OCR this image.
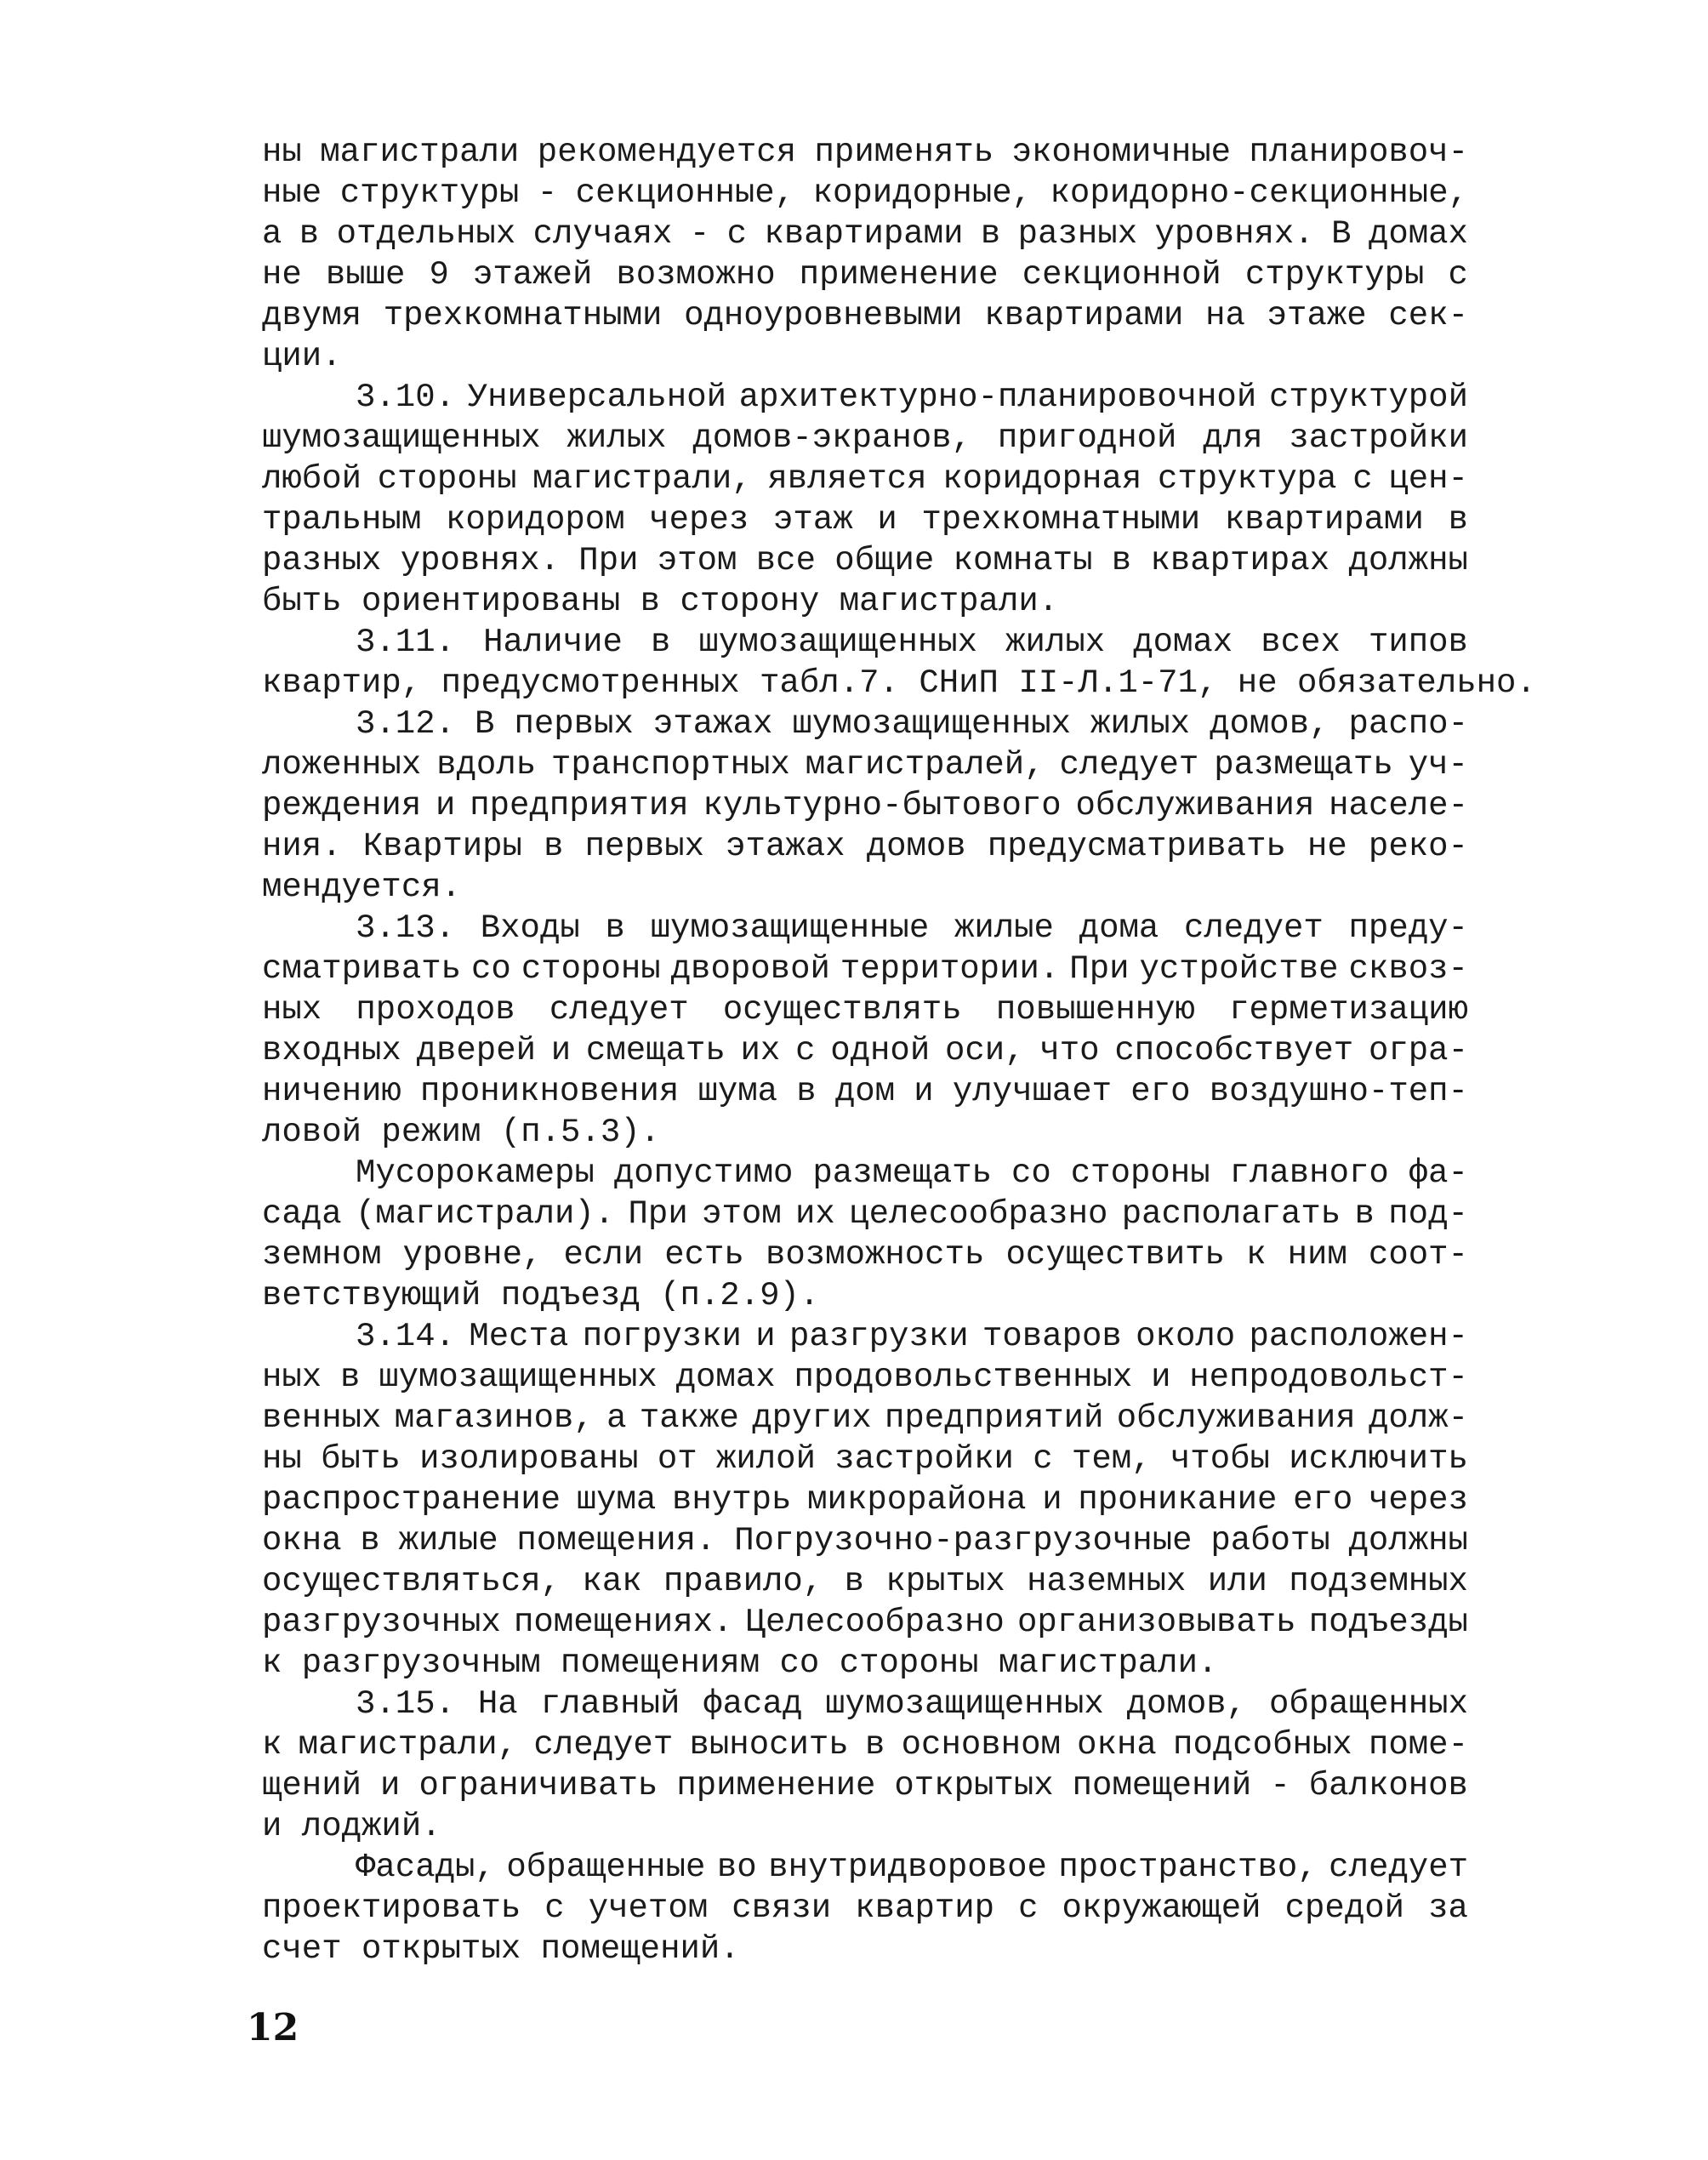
ны магистрали рекомендуется применять экономичные планировоч-
ные структуры - секционные, коридорные, коридорно-секционные,
а в отдельных случаях - с квартирами в разных уровнях. В домах
не выше 9 этажей возможно применение секционной структуры с
двумя трехкомнатными одноуровневыми квартирами на этаже сек-
ции.
3.10. Универсальной архитектурно-планировочной структурой
шумозащищенных жилых домов-экранов, пригодной для застройки
любой стороны магистрали, является коридорная структура с цен-
тральным коридором через этаж и трехкомнатными квартирами в
разных уровнях. При этом все общие комнаты в квартирах должны
быть ориентированы в сторону магистрали.
3.11. Наличие в шумозащищенных жилых домах всех типов
квартир, предусмотренных табл.7. СНиП II-Л.1-71, не обязательно.
3.12. В первых этажах шумозащищенных жилых домов, распо-
ложенных вдоль транспортных магистралей, следует размещать уч-
реждения и предприятия культурно-бытового обслуживания населе-
ния. Квартиры в первых этажах домов предусматривать не реко-
мендуется.
3.13. Входы в шумозащищенные жилые дома следует преду-
сматривать со стороны дворовой территории. При устройстве сквоз-
ных проходов следует осуществлять повышенную герметизацию
входных дверей и смещать их с одной оси, что способствует огра-
ничению проникновения шума в дом и улучшает его воздушно-теп-
ловой режим (п.5.3).
Мусорокамеры допустимо размещать со стороны главного фа-
сада (магистрали). При этом их целесообразно располагать в под-
земном уровне, если есть возможность осуществить к ним соот-
ветствующий подъезд (п.2.9).
3.14. Места погрузки и разгрузки товаров около расположен-
ных в шумозащищенных домах продовольственных и непродовольст-
венных магазинов, а также других предприятий обслуживания долж-
ны быть изолированы от жилой застройки с тем, чтобы исключить
распространение шума внутрь микрорайона и проникание его через
окна в жилые помещения. Погрузочно-разгрузочные работы должны
осуществляться, как правило, в крытых наземных или подземных
разгрузочных помещениях. Целесообразно организовывать подъезды
к разгрузочным помещениям со стороны магистрали.
3.15. На главный фасад шумозащищенных домов, обращенных
к магистрали, следует выносить в основном окна подсобных поме-
щений и ограничивать применение открытых помещений - балконов
и лоджий.
Фасады, обращенные во внутридворовое пространство, следует
проектировать с учетом связи квартир с окружающей средой за
счет открытых помещений.
12
